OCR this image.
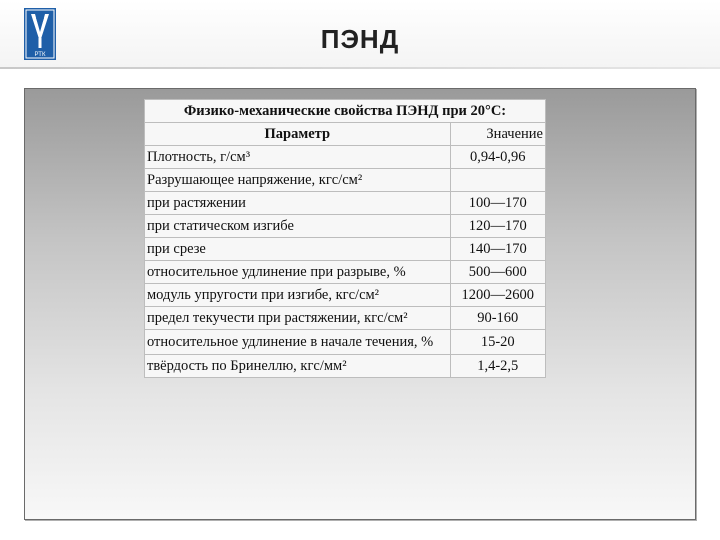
РТК
ПЭНД
Физико-механические свойства ПЭНД при 20°С:	
Параметр	Значение
Плотность, г/см³	0,94-0,96
Разрушающее напряжение, кгс/см²	
при растяжении	100—170
при статическом изгибе	120—170
при срезе	140—170
относительное удлинение при разрыве, %	500—600
модуль упругости при изгибе, кгс/см²	1200—2600
предел текучести при растяжении, кгс/см²	90-160
относительное удлинение в начале течения, %	15-20
твёрдость по Бринеллю, кгс/мм²	1,4-2,5
